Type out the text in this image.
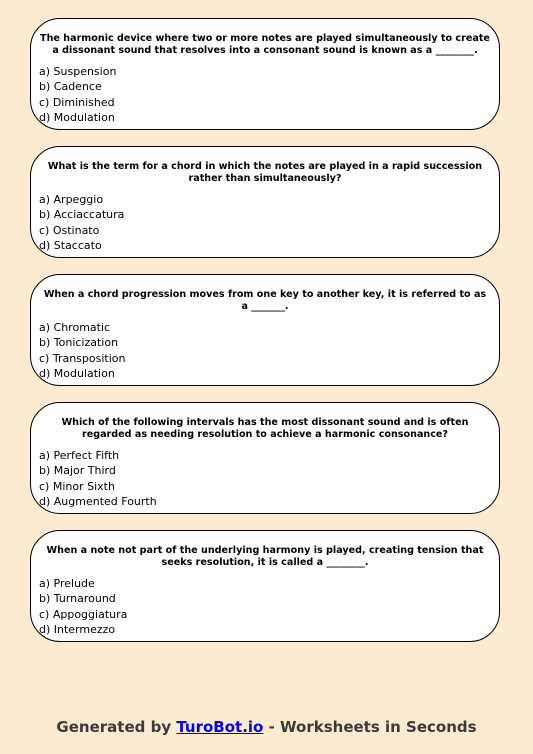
The harmonic device where two or more notes are played simultaneously to create a dissonant sound that resolves into a consonant sound is known as a ________.

a) Suspension
b) Cadence
c) Diminished
d) Modulation

What is the term for a chord in which the notes are played in a rapid succession rather than simultaneously?

a) Arpeggio
b) Acciaccatura
c) Ostinato
d) Staccato

When a chord progression moves from one key to another key, it is referred to as a _______.

a) Chromatic
b) Tonicization
c) Transposition
d) Modulation

Which of the following intervals has the most dissonant sound and is often regarded as needing resolution to achieve a harmonic consonance?

a) Perfect Fifth
b) Major Third
c) Minor Sixth
d) Augmented Fourth

When a note not part of the underlying harmony is played, creating tension that seeks resolution, it is called a ________.

a) Prelude
b) Turnaround
c) Appoggiatura
d) Intermezzo
Generated by TuroBot.io - Worksheets in Seconds
